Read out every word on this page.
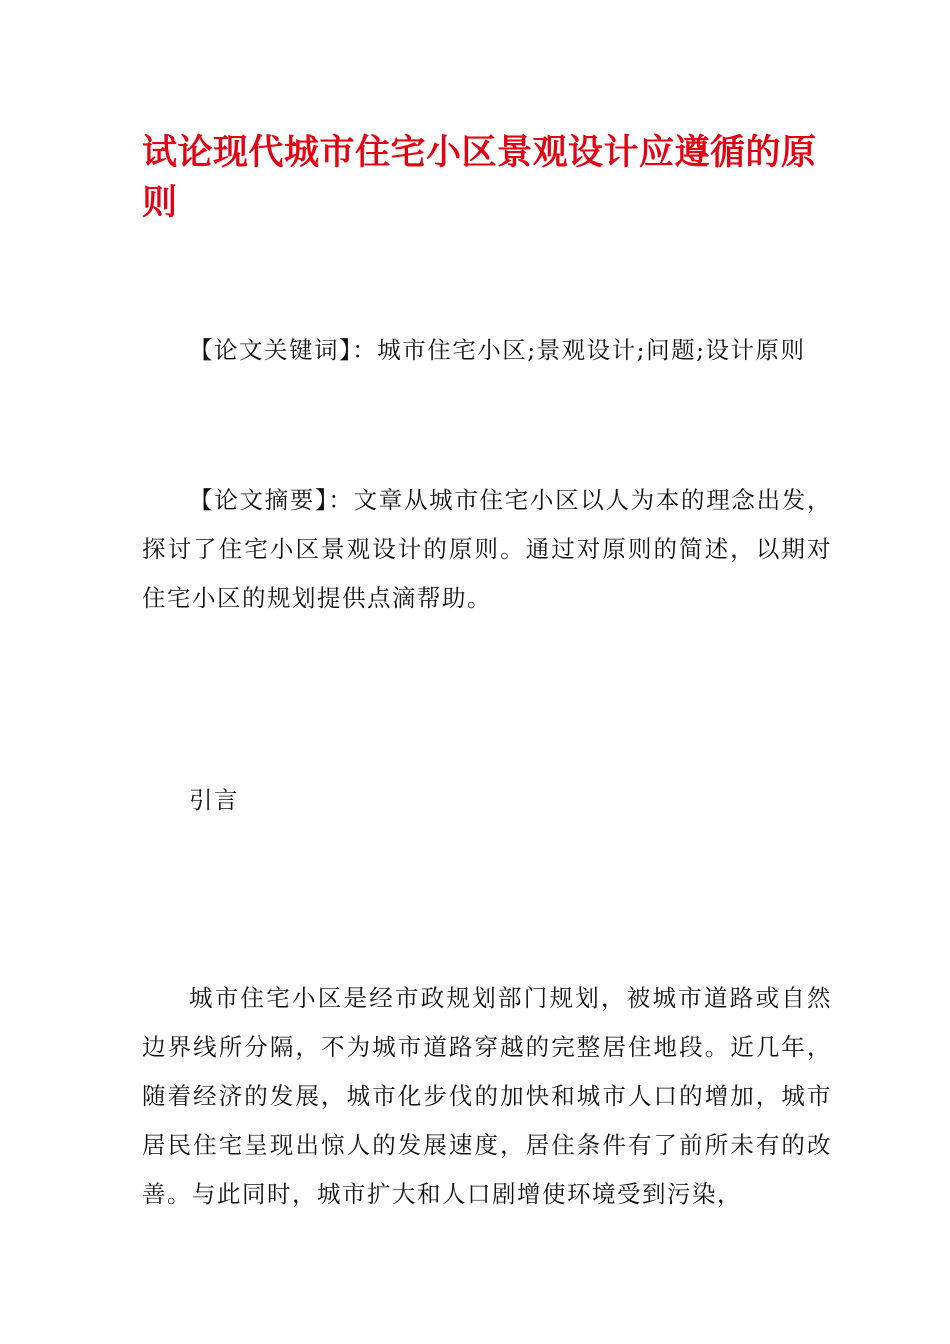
试论现代城市住宅小区景观设计应遵循的原则

【论文关键词】：城市住宅小区;景观设计;问题;设计原则

【论文摘要】：文章从城市住宅小区以人为本的理念出发，探讨了住宅小区景观设计的原则。通过对原则的简述，以期对住宅小区的规划提供点滴帮助。

引言

城市住宅小区是经市政规划部门规划，被城市道路或自然边界线所分隔，不为城市道路穿越的完整居住地段。近几年，随着经济的发展，城市化步伐的加快和城市人口的增加，城市居民住宅呈现出惊人的发展速度，居住条件有了前所未有的改善。与此同时，城市扩大和人口剧增使环境受到污染，
